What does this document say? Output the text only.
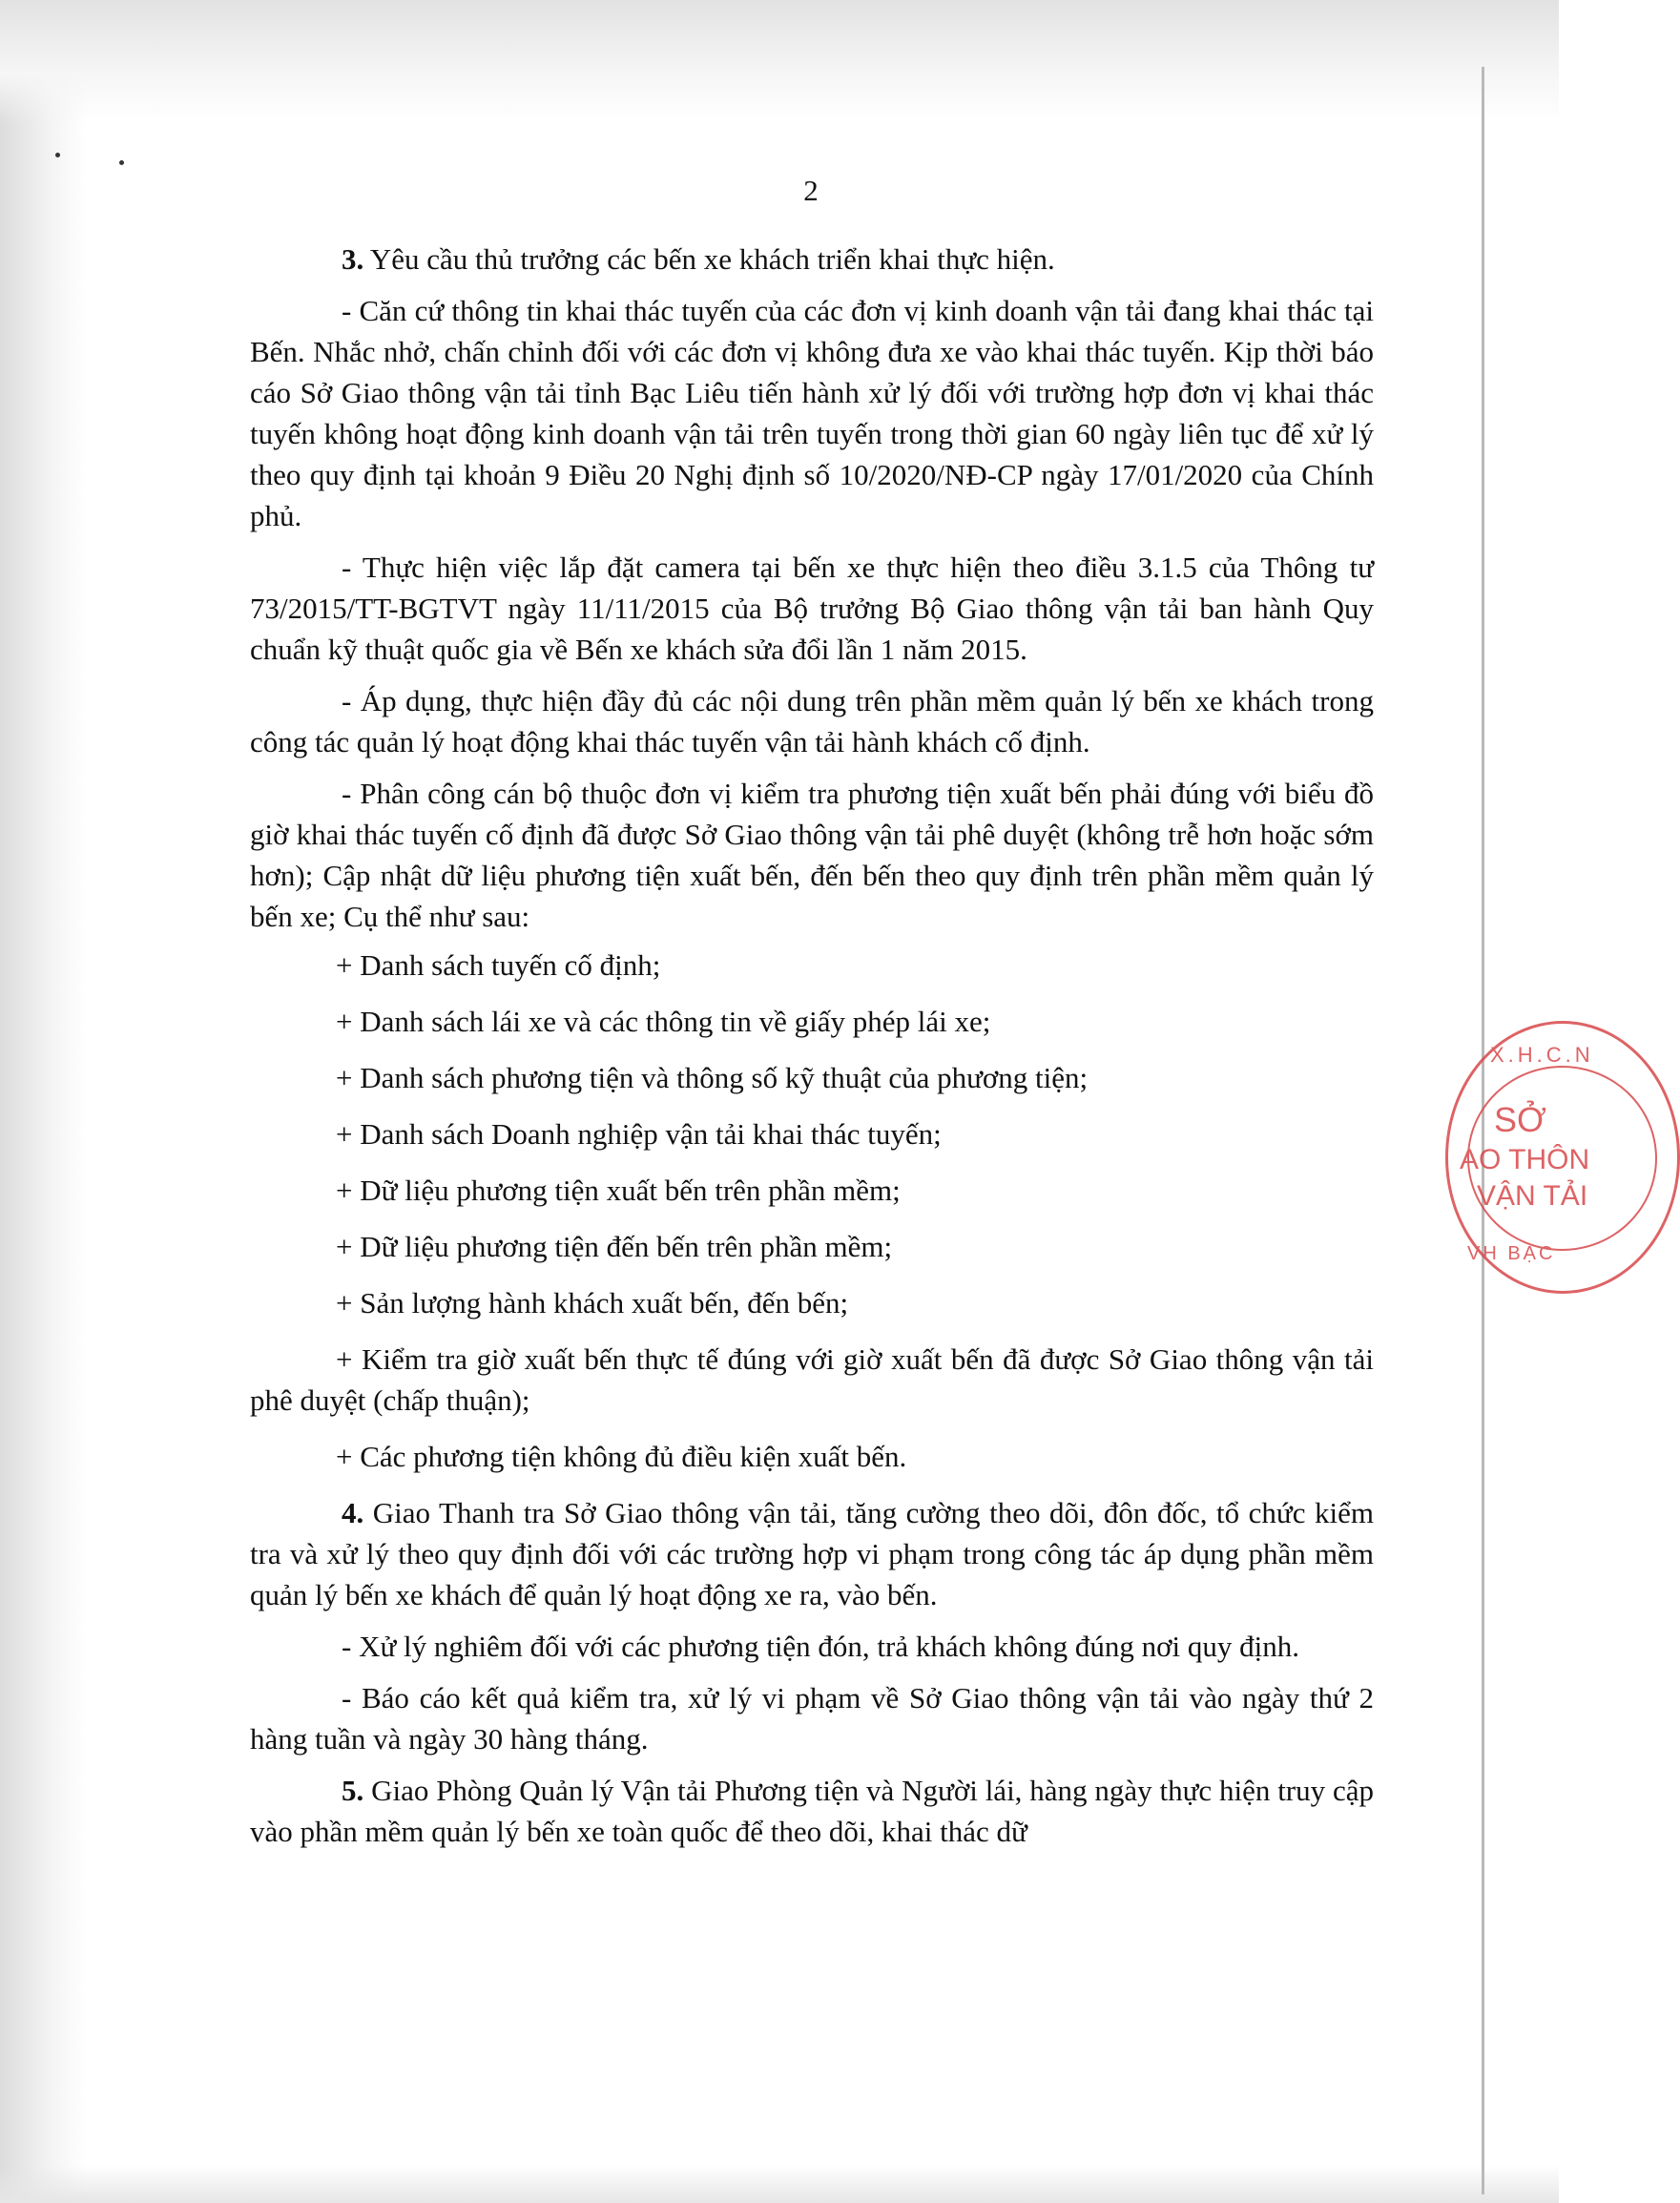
2

3. Yêu cầu thủ trưởng các bến xe khách triển khai thực hiện.

- Căn cứ thông tin khai thác tuyến của các đơn vị kinh doanh vận tải đang khai thác tại Bến. Nhắc nhở, chấn chỉnh đối với các đơn vị không đưa xe vào khai thác tuyến. Kịp thời báo cáo Sở Giao thông vận tải tỉnh Bạc Liêu tiến hành xử lý đối với trường hợp đơn vị khai thác tuyến không hoạt động kinh doanh vận tải trên tuyến trong thời gian 60 ngày liên tục để xử lý theo quy định tại khoản 9 Điều 20 Nghị định số 10/2020/NĐ-CP ngày 17/01/2020 của Chính phủ.

- Thực hiện việc lắp đặt camera tại bến xe thực hiện theo điều 3.1.5 của Thông tư 73/2015/TT-BGTVT ngày 11/11/2015 của Bộ trưởng Bộ Giao thông vận tải ban hành Quy chuẩn kỹ thuật quốc gia về Bến xe khách sửa đổi lần 1 năm 2015.

- Áp dụng, thực hiện đầy đủ các nội dung trên phần mềm quản lý bến xe khách trong công tác quản lý hoạt động khai thác tuyến vận tải hành khách cố định.

- Phân công cán bộ thuộc đơn vị kiểm tra phương tiện xuất bến phải đúng với biểu đồ giờ khai thác tuyến cố định đã được Sở Giao thông vận tải phê duyệt (không trễ hơn hoặc sớm hơn); Cập nhật dữ liệu phương tiện xuất bến, đến bến theo quy định trên phần mềm quản lý bến xe; Cụ thể như sau:

+ Danh sách tuyến cố định;

+ Danh sách lái xe và các thông tin về giấy phép lái xe;

+ Danh sách phương tiện và thông số kỹ thuật của phương tiện;

+ Danh sách Doanh nghiệp vận tải khai thác tuyến;

+ Dữ liệu phương tiện xuất bến trên phần mềm;

+ Dữ liệu phương tiện đến bến trên phần mềm;

+ Sản lượng hành khách xuất bến, đến bến;

+ Kiểm tra giờ xuất bến thực tế đúng với giờ xuất bến đã được Sở Giao thông vận tải phê duyệt (chấp thuận);

+ Các phương tiện không đủ điều kiện xuất bến.

4. Giao Thanh tra Sở Giao thông vận tải, tăng cường theo dõi, đôn đốc, tổ chức kiểm tra và xử lý theo quy định đối với các trường hợp vi phạm trong công tác áp dụng phần mềm quản lý bến xe khách để quản lý hoạt động xe ra, vào bến.

- Xử lý nghiêm đối với các phương tiện đón, trả khách không đúng nơi quy định.

- Báo cáo kết quả kiểm tra, xử lý vi phạm về Sở Giao thông vận tải vào ngày thứ 2 hàng tuần và ngày 30 hàng tháng.

5. Giao Phòng Quản lý Vận tải Phương tiện và Người lái, hàng ngày thực hiện truy cập vào phần mềm quản lý bến xe toàn quốc để theo dõi, khai thác dữ

X.H.C.N
SỞ
AO THÔN
VẬN TẢI
VH BẠC
